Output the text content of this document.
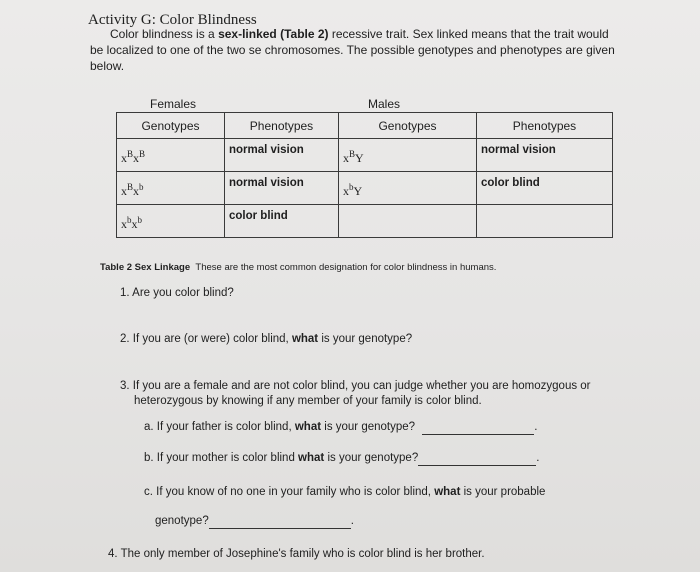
Activity G: Color Blindness
Color blindness is a sex-linked (Table 2) recessive trait. Sex linked means that the trait would
be localized to one of the two se chromosomes. The possible genotypes and phenotypes are given
below.
Females	Males
Genotypes	Phenotypes	Genotypes	Phenotypes
$x^Bx^B$	normal vision	$x^BY$	normal vision
$x^Bx^b$	normal vision	$x^bY$	color blind
$x^bx^b$	color blind		
Table 2 Sex Linkage These are the most common designation for color blindness in humans.
1. Are you color blind?
2. If you are (or were) color blind, what is your genotype?
3. If you are a female and are not color blind, you can judge whether you are homozygous or
heterozygous by knowing if any member of your family is color blind.
a. If your father is color blind, what is your genotype?	.
b. If your mother is color blind what is your genotype?	.
c. If you know of no one in your family who is color blind, what is your probable
genotype?	.
4. The only member of Josephine's family who is color blind is her brother.
